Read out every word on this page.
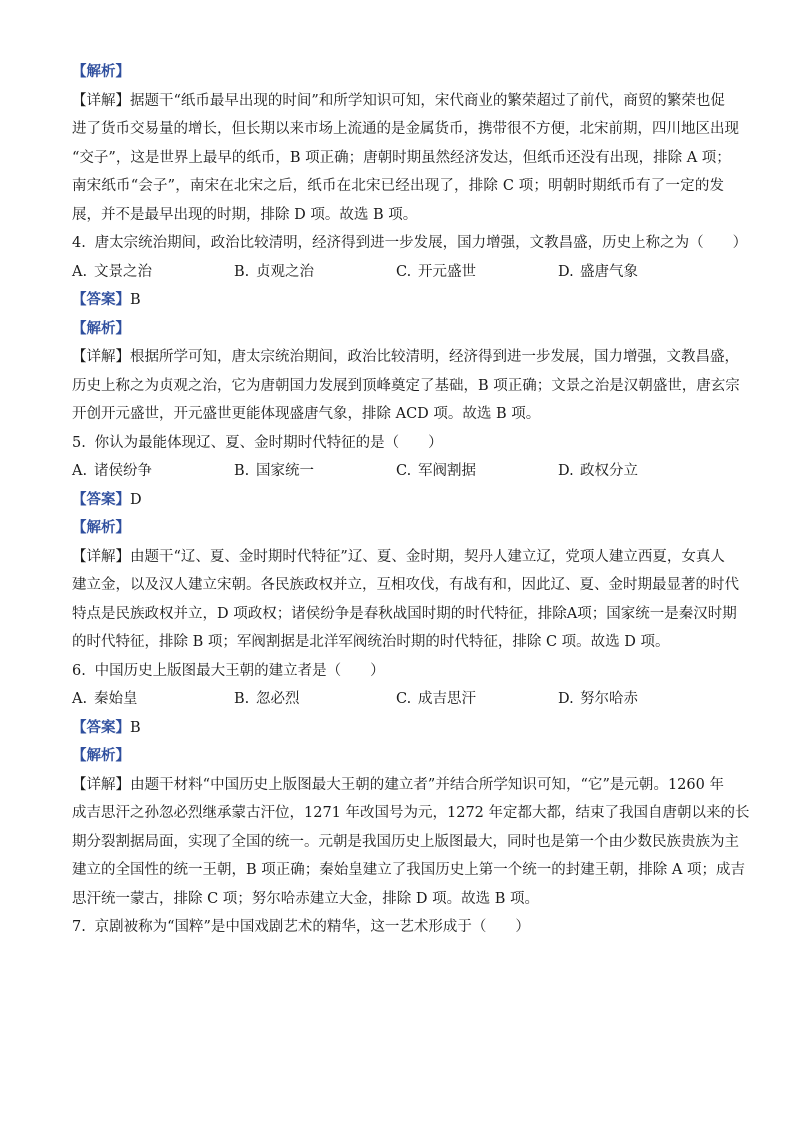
【解析】
【详解】据题干“纸币最早出现的时间”和所学知识可知，宋代商业的繁荣超过了前代，商贸的繁荣也促
进了货币交易量的增长，但长期以来市场上流通的是金属货币，携带很不方便，北宋前期，四川地区出现
“交子”，这是世界上最早的纸币，B 项正确；唐朝时期虽然经济发达，但纸币还没有出现，排除 A 项；
南宋纸币“会子”，南宋在北宋之后，纸币在北宋已经出现了，排除 C 项；明朝时期纸币有了一定的发
展，并不是最早出现的时期，排除 D 项。故选 B 项。
4. 唐太宗统治期间，政治比较清明，经济得到进一步发展，国力增强，文教昌盛，历史上称之为（　　）
A. 文景之治	B. 贞观之治	C. 开元盛世	D. 盛唐气象
【答案】B
【解析】
【详解】根据所学可知，唐太宗统治期间，政治比较清明，经济得到进一步发展，国力增强，文教昌盛，
历史上称之为贞观之治，它为唐朝国力发展到顶峰奠定了基础，B 项正确；文景之治是汉朝盛世，唐玄宗
开创开元盛世，开元盛世更能体现盛唐气象，排除 ACD 项。故选 B 项。
5. 你认为最能体现辽、夏、金时期时代特征的是（　　）
A. 诸侯纷争	B. 国家统一	C. 军阀割据	D. 政权分立
【答案】D
【解析】
【详解】由题干“辽、夏、金时期时代特征”辽、夏、金时期，契丹人建立辽，党项人建立西夏，女真人
建立金，以及汉人建立宋朝。各民族政权并立，互相攻伐，有战有和，因此辽、夏、金时期最显著的时代
特点是民族政权并立，D 项政权；诸侯纷争是春秋战国时期的时代特征，排除A项；国家统一是秦汉时期
的时代特征，排除 B 项；军阀割据是北洋军阀统治时期的时代特征，排除 C 项。故选 D 项。
6. 中国历史上版图最大王朝的建立者是（　　）
A. 秦始皇	B. 忽必烈	C. 成吉思汗	D. 努尔哈赤
【答案】B
【解析】
【详解】由题干材料“中国历史上版图最大王朝的建立者”并结合所学知识可知，“它”是元朝。1260 年
成吉思汗之孙忽必烈继承蒙古汗位，1271 年改国号为元，1272 年定都大都，结束了我国自唐朝以来的长
期分裂割据局面，实现了全国的统一。元朝是我国历史上版图最大，同时也是第一个由少数民族贵族为主
建立的全国性的统一王朝，B 项正确；秦始皇建立了我国历史上第一个统一的封建王朝，排除 A 项；成吉
思汗统一蒙古，排除 C 项；努尔哈赤建立大金，排除 D 项。故选 B 项。
7. 京剧被称为“国粹”是中国戏剧艺术的精华，这一艺术形成于（　　）
